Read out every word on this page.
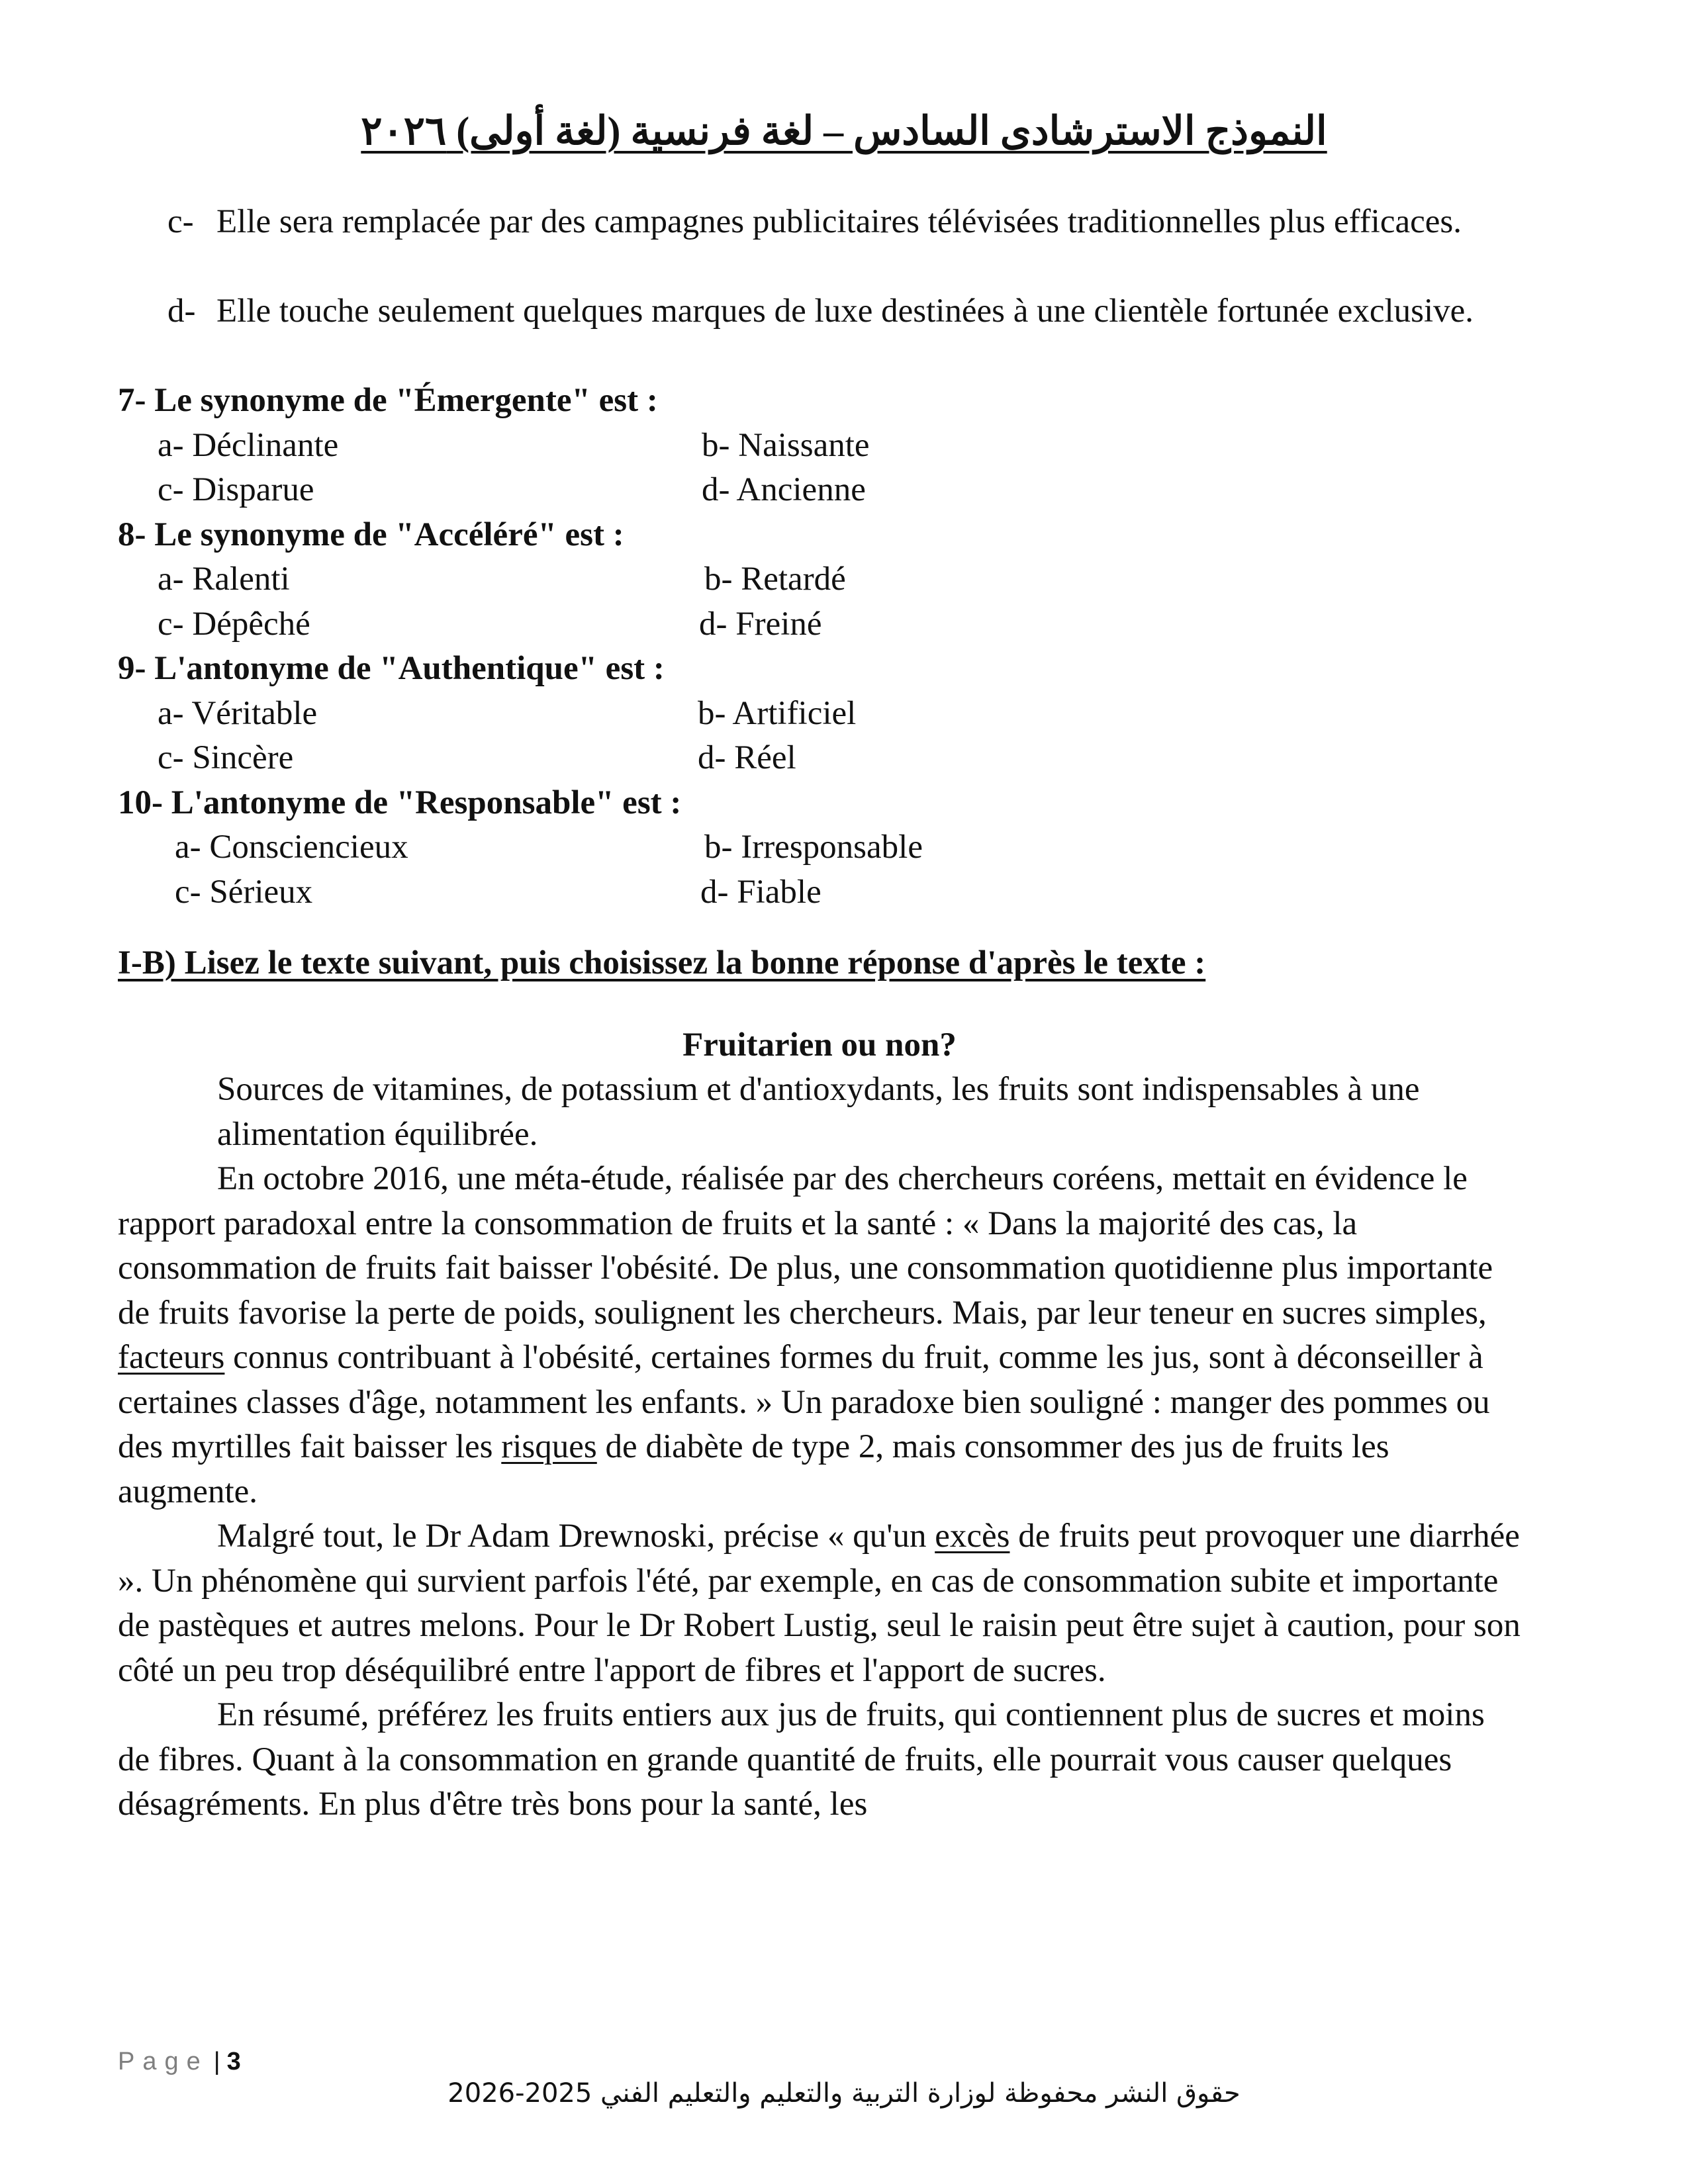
النموذج الاسترشادى السادس – لغة فرنسية (لغة أولى) ٢٠٢٦
c- Elle sera remplacée par des campagnes publicitaires télévisées traditionnelles plus efficaces.
d- Elle touche seulement quelques marques de luxe destinées à une clientèle fortunée exclusive.
7- Le synonyme de "Émergente" est :
a- Déclinante	b- Naissante
c- Disparue	d- Ancienne
8- Le synonyme de "Accéléré" est :
a- Ralenti	b- Retardé
c- Dépêché	d- Freiné
9- L'antonyme de "Authentique" est :
a- Véritable	b- Artificiel
c- Sincère	d- Réel
10- L'antonyme de "Responsable" est :
a- Consciencieux	b- Irresponsable
c- Sérieux	d- Fiable
I-B) Lisez le texte suivant, puis choisissez la bonne réponse d'après le texte :
Fruitarien ou non?
Sources de vitamines, de potassium et d'antioxydants, les fruits sont indispensables à une alimentation équilibrée.
En octobre 2016, une méta-étude, réalisée par des chercheurs coréens, mettait en évidence le rapport paradoxal entre la consommation de fruits et la santé : « Dans la majorité des cas, la consommation de fruits fait baisser l'obésité. De plus, une consommation quotidienne plus importante de fruits favorise la perte de poids, soulignent les chercheurs. Mais, par leur teneur en sucres simples, facteurs connus contribuant à l'obésité, certaines formes du fruit, comme les jus, sont à déconseiller à certaines classes d'âge, notamment les enfants. » Un paradoxe bien souligné : manger des pommes ou des myrtilles fait baisser les risques de diabète de type 2, mais consommer des jus de fruits les augmente.
Malgré tout, le Dr Adam Drewnoski, précise « qu'un excès de fruits peut provoquer une diarrhée ». Un phénomène qui survient parfois l'été, par exemple, en cas de consommation subite et importante de pastèques et autres melons. Pour le Dr Robert Lustig, seul le raisin peut être sujet à caution, pour son côté un peu trop déséquilibré entre l'apport de fibres et l'apport de sucres.
En résumé, préférez les fruits entiers aux jus de fruits, qui contiennent plus de sucres et moins de fibres. Quant à la consommation en grande quantité de fruits, elle pourrait vous causer quelques désagréments. En plus d'être très bons pour la santé, les
Page | 3
حقوق النشر محفوظة لوزارة التربية والتعليم والتعليم الفني 2025-2026
